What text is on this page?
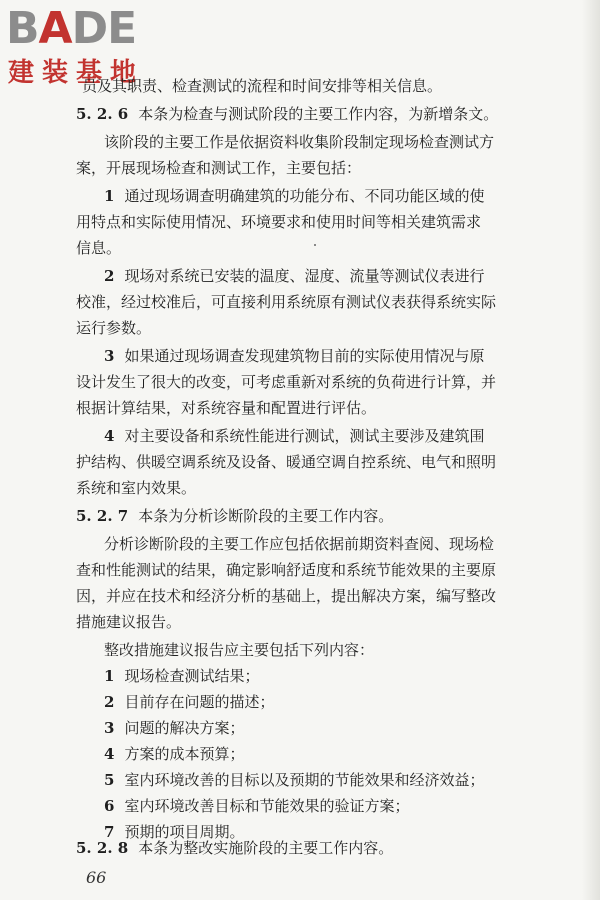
BADE
建装基地
员及其职责、检查测试的流程和时间安排等相关信息。
5. 2. 6 本条为检查与测试阶段的主要工作内容，为新增条文。
该阶段的主要工作是依据资料收集阶段制定现场检查测试方
案，开展现场检查和测试工作，主要包括：
1 通过现场调查明确建筑的功能分布、不同功能区域的使
用特点和实际使用情况、环境要求和使用时间等相关建筑需求
信息。
2 现场对系统已安装的温度、湿度、流量等测试仪表进行
校准，经过校准后，可直接利用系统原有测试仪表获得系统实际
运行参数。
3 如果通过现场调查发现建筑物目前的实际使用情况与原
设计发生了很大的改变，可考虑重新对系统的负荷进行计算，并
根据计算结果，对系统容量和配置进行评估。
4 对主要设备和系统性能进行测试，测试主要涉及建筑围
护结构、供暖空调系统及设备、暖通空调自控系统、电气和照明
系统和室内效果。
5. 2. 7 本条为分析诊断阶段的主要工作内容。
分析诊断阶段的主要工作应包括依据前期资料查阅、现场检
查和性能测试的结果，确定影响舒适度和系统节能效果的主要原
因，并应在技术和经济分析的基础上，提出解决方案，编写整改
措施建议报告。
整改措施建议报告应主要包括下列内容：
1 现场检查测试结果；
2 目前存在问题的描述；
3 问题的解决方案；
4 方案的成本预算；
5 室内环境改善的目标以及预期的节能效果和经济效益；
6 室内环境改善目标和节能效果的验证方案；
7 预期的项目周期。
5. 2. 8 本条为整改实施阶段的主要工作内容。
66
